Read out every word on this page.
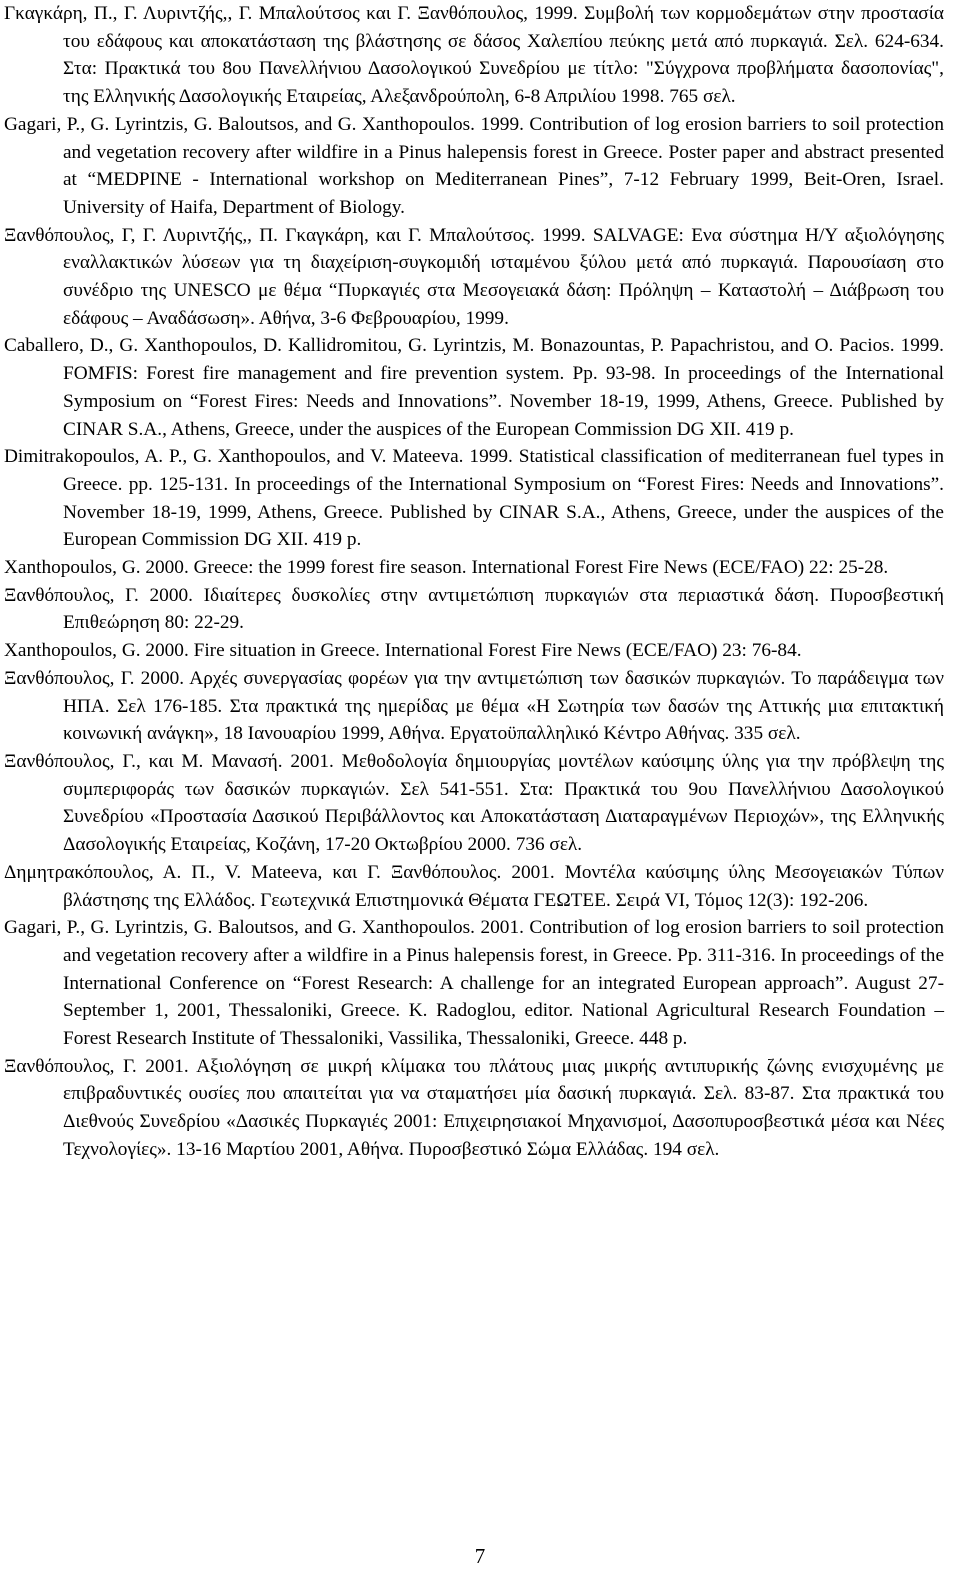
Γκαγκάρη, Π., Γ. Λυριντζής,, Γ. Μπαλούτσος και Γ. Ξανθόπουλος, 1999. Συμβολή των κορμοδεμάτων στην προστασία του εδάφους και αποκατάσταση της βλάστησης σε δάσος Χαλεπίου πεύκης μετά από πυρκαγιά. Σελ. 624-634. Στα: Πρακτικά του 8ου Πανελλήνιου Δασολογικού Συνεδρίου με τίτλο: "Σύγχρονα προβλήματα δασοπονίας", της Ελληνικής Δασολογικής Εταιρείας, Αλεξανδρούπολη, 6-8 Απριλίου 1998. 765 σελ.

Gagari, P., G. Lyrintzis, G. Baloutsos, and G. Xanthopoulos. 1999. Contribution of log erosion barriers to soil protection and vegetation recovery after wildfire in a Pinus halepensis forest in Greece. Poster paper and abstract presented at “MEDPINE - International workshop on Mediterranean Pines”, 7-12 February 1999, Beit-Oren, Israel. University of Haifa, Department of Biology.

Ξανθόπουλος, Γ, Γ. Λυριντζής,, Π. Γκαγκάρη, και Γ. Μπαλούτσος. 1999. SALVAGE: Ενα σύστημα Η/Υ αξιολόγησης εναλλακτικών λύσεων για τη διαχείριση-συγκομιδή ισταμένου ξύλου μετά από πυρκαγιά. Παρουσίαση στο συνέδριο της UNESCO με θέμα “Πυρκαγιές στα Μεσογειακά δάση: Πρόληψη – Καταστολή – Διάβρωση του εδάφους – Αναδάσωση». Αθήνα, 3-6 Φεβρουαρίου, 1999.

Caballero, D., G. Xanthopoulos, D. Kallidromitou, G. Lyrintzis, M. Bonazountas, P. Papachristou, and O. Pacios. 1999. FOMFIS: Forest fire management and fire prevention system. Pp. 93-98. In proceedings of the International Symposium on “Forest Fires: Needs and Innovations”. November 18-19, 1999, Athens, Greece. Published by CINAR S.A., Athens, Greece, under the auspices of the European Commission DG XII. 419 p.

Dimitrakopoulos, A. P., G. Xanthopoulos, and V. Mateeva. 1999. Statistical classification of mediterranean fuel types in Greece. pp. 125-131. In proceedings of the International Symposium on “Forest Fires: Needs and Innovations”. November 18-19, 1999, Athens, Greece. Published by CINAR S.A., Athens, Greece, under the auspices of the European Commission DG XII. 419 p.

Xanthopoulos, G. 2000. Greece: the 1999 forest fire season. International Forest Fire News (ECE/FAO) 22: 25-28.

Ξανθόπουλος, Γ. 2000. Ιδιαίτερες δυσκολίες στην αντιμετώπιση πυρκαγιών στα περιαστικά δάση. Πυροσβεστική Επιθεώρηση 80: 22-29.

Xanthopoulos, G. 2000. Fire situation in Greece. International Forest Fire News (ECE/FAO) 23: 76-84.

Ξανθόπουλος, Γ. 2000. Αρχές συνεργασίας φορέων για την αντιμετώπιση των δασικών πυρκαγιών. Το παράδειγμα των ΗΠΑ. Σελ 176-185. Στα πρακτικά της ημερίδας με θέμα «Η Σωτηρία των δασών της Αττικής μια επιτακτική κοινωνική ανάγκη», 18 Ιανουαρίου 1999, Αθήνα. Εργατοϋπαλληλικό Κέντρο Αθήνας. 335 σελ.

Ξανθόπουλος, Γ., και Μ. Μανασή. 2001. Μεθοδολογία δημιουργίας μοντέλων καύσιμης ύλης για την πρόβλεψη της συμπεριφοράς των δασικών πυρκαγιών. Σελ 541-551. Στα: Πρακτικά του 9ου Πανελλήνιου Δασολογικού Συνεδρίου «Προστασία Δασικού Περιβάλλοντος και Αποκατάσταση Διαταραγμένων Περιοχών», της Ελληνικής Δασολογικής Εταιρείας, Κοζάνη, 17-20 Οκτωβρίου 2000. 736 σελ.

Δημητρακόπουλος, Α. Π., V. Mateeva, και Γ. Ξανθόπουλος. 2001. Μοντέλα καύσιμης ύλης Μεσογειακών Τύπων βλάστησης της Ελλάδος. Γεωτεχνικά Επιστημονικά Θέματα ΓΕΩΤΕΕ. Σειρά VI, Τόμος 12(3): 192-206.

Gagari, P., G. Lyrintzis, G. Baloutsos, and G. Xanthopoulos. 2001. Contribution of log erosion barriers to soil protection and vegetation recovery after a wildfire in a Pinus halepensis forest, in Greece. Pp. 311-316. In proceedings of the International Conference on “Forest Research: A challenge for an integrated European approach”. August 27-September 1, 2001, Thessaloniki, Greece. K. Radoglou, editor. National Agricultural Research Foundation – Forest Research Institute of Thessaloniki, Vassilika, Thessaloniki, Greece. 448 p.

Ξανθόπουλος, Γ. 2001. Αξιολόγηση σε μικρή κλίμακα του πλάτους μιας μικρής αντιπυρικής ζώνης ενισχυμένης με επιβραδυντικές ουσίες που απαιτείται για να σταματήσει μία δασική πυρκαγιά. Σελ. 83-87. Στα πρακτικά του Διεθνούς Συνεδρίου «Δασικές Πυρκαγιές 2001: Επιχειρησιακοί Μηχανισμοί, Δασοπυροσβεστικά μέσα και Νέες Τεχνολογίες». 13-16 Μαρτίου 2001, Αθήνα. Πυροσβεστικό Σώμα Ελλάδας. 194 σελ.

7
